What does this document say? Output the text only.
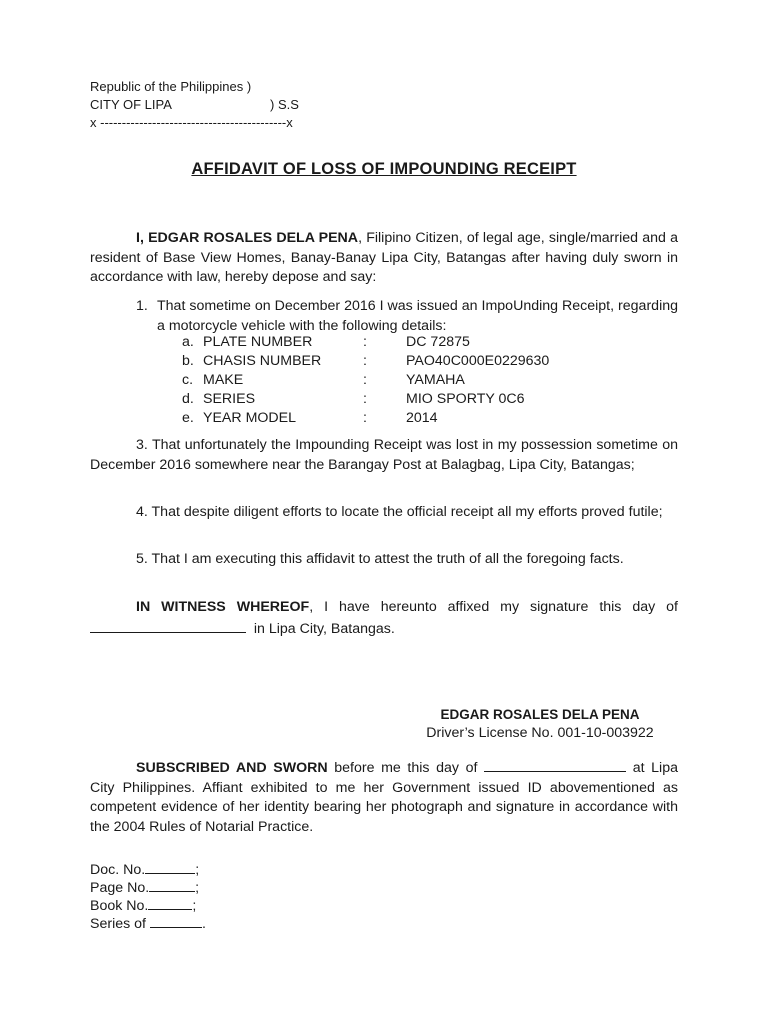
Republic of the Philippines )
CITY OF LIPA	) S.S
x -------------------------------------------x
AFFIDAVIT OF LOSS OF IMPOUNDING RECEIPT
I, EDGAR ROSALES DELA PENA, Filipino Citizen, of legal age, single/married and a resident of Base View Homes, Banay-Banay Lipa City, Batangas after having duly sworn in accordance with law, hereby depose and say:
1. That sometime on December 2016 I was issued an ImpoUnding Receipt, regarding a motorcycle vehicle with the following details:
a. PLATE NUMBER	:	DC 72875
b. CHASIS NUMBER	:	PAO40C000E0229630
c. MAKE	:	YAMAHA
d. SERIES	:	MIO SPORTY 0C6
e. YEAR MODEL	:	2014
3. That unfortunately the Impounding Receipt was lost in my possession sometime on December 2016 somewhere near the Barangay Post at Balagbag, Lipa City, Batangas;
4. That despite diligent efforts to locate the official receipt all my efforts proved futile;
5. That I am executing this affidavit to attest the truth of all the foregoing facts.
IN WITNESS WHEREOF, I have hereunto affixed my signature this day of   in Lipa City, Batangas.
EDGAR ROSALES DELA PENA
Driver’s License No. 001-10-003922
SUBSCRIBED AND SWORN before me this day of	at Lipa City Philippines. Affiant exhibited to me her Government issued ID abovementioned as competent evidence of her identity bearing her photograph and signature in accordance with the 2004 Rules of Notarial Practice.
Doc. No.	;
Page No.	;
Book No.	;
Series of	.
